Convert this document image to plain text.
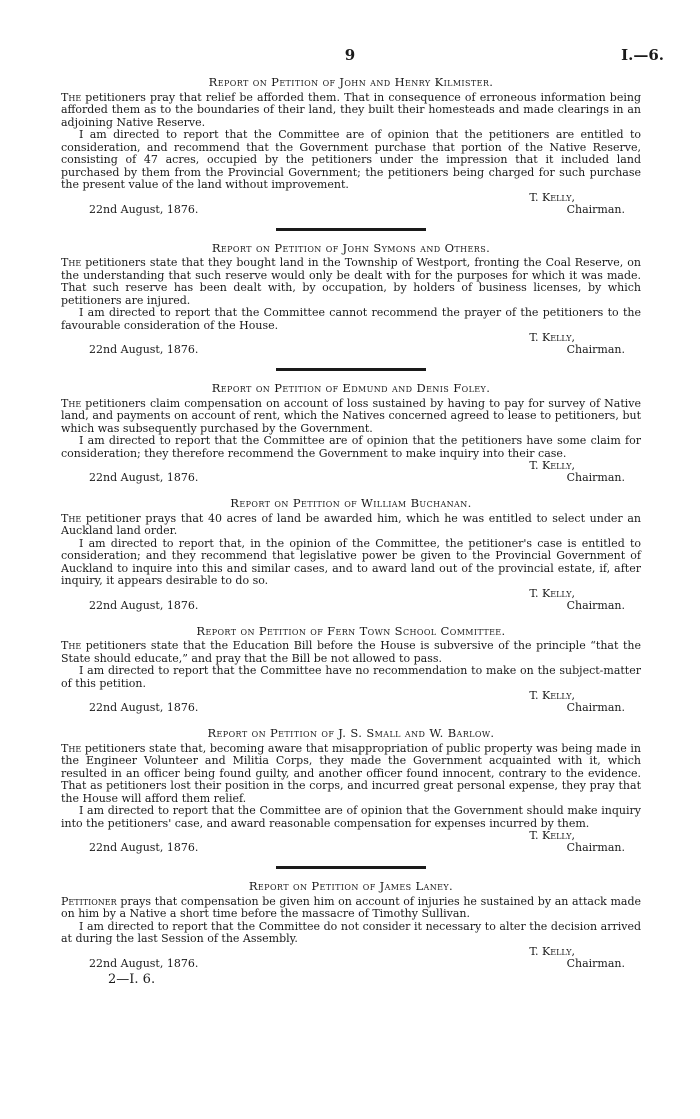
9	I.—6.
Report on Petition of John and Henry Kilmister.

The petitioners pray that relief be afforded them. That in consequence of erroneous information being afforded them as to the boundaries of their land, they built their homesteads and made clearings in an adjoining Native Reserve.

I am directed to report that the Committee are of opinion that the petitioners are entitled to consideration, and recommend that the Government purchase that portion of the Native Reserve, consisting of 47 acres, occupied by the petitioners under the impression that it included land purchased by them from the Provincial Government; the petitioners being charged for such purchase the present value of the land without improvement.

T. Kelly,
22nd August, 1876.	Chairman.
Report on Petition of John Symons and Others.

The petitioners state that they bought land in the Township of Westport, fronting the Coal Reserve, on the understanding that such reserve would only be dealt with for the purposes for which it was made. That such reserve has been dealt with, by occupation, by holders of business licenses, by which petitioners are injured.

I am directed to report that the Committee cannot recommend the prayer of the petitioners to the favourable consideration of the House.

T. Kelly,
22nd August, 1876.	Chairman.
Report on Petition of Edmund and Denis Foley.

The petitioners claim compensation on account of loss sustained by having to pay for survey of Native land, and payments on account of rent, which the Natives concerned agreed to lease to petitioners, but which was subsequently purchased by the Government.

I am directed to report that the Committee are of opinion that the petitioners have some claim for consideration; they therefore recommend the Government to make inquiry into their case.

T. Kelly,
22nd August, 1876.	Chairman.
Report on Petition of William Buchanan.

The petitioner prays that 40 acres of land be awarded him, which he was entitled to select under an Auckland land order.

I am directed to report that, in the opinion of the Committee, the petitioner's case is entitled to consideration; and they recommend that legislative power be given to the Provincial Government of Auckland to inquire into this and similar cases, and to award land out of the provincial estate, if, after inquiry, it appears desirable to do so.

T. Kelly,
22nd August, 1876.	Chairman.
Report on Petition of Fern Town School Committee.

The petitioners state that the Education Bill before the House is subversive of the principle “that the State should educate,” and pray that the Bill be not allowed to pass.

I am directed to report that the Committee have no recommendation to make on the subject-matter of this petition.

T. Kelly,
22nd August, 1876.	Chairman.
Report on Petition of J. S. Small and W. Barlow.

The petitioners state that, becoming aware that misappropriation of public property was being made in the Engineer Volunteer and Militia Corps, they made the Government acquainted with it, which resulted in an officer being found guilty, and another officer found innocent, contrary to the evidence. That as petitioners lost their position in the corps, and incurred great personal expense, they pray that the House will afford them relief.

I am directed to report that the Committee are of opinion that the Government should make inquiry into the petitioners' case, and award reasonable compensation for expenses incurred by them.

T. Kelly,
22nd August, 1876.	Chairman.
Report on Petition of James Laney.

Petitioner prays that compensation be given him on account of injuries he sustained by an attack made on him by a Native a short time before the massacre of Timothy Sullivan.

I am directed to report that the Committee do not consider it necessary to alter the decision arrived at during the last Session of the Assembly.

T. Kelly,
22nd August, 1876.	Chairman.
2—I. 6.
